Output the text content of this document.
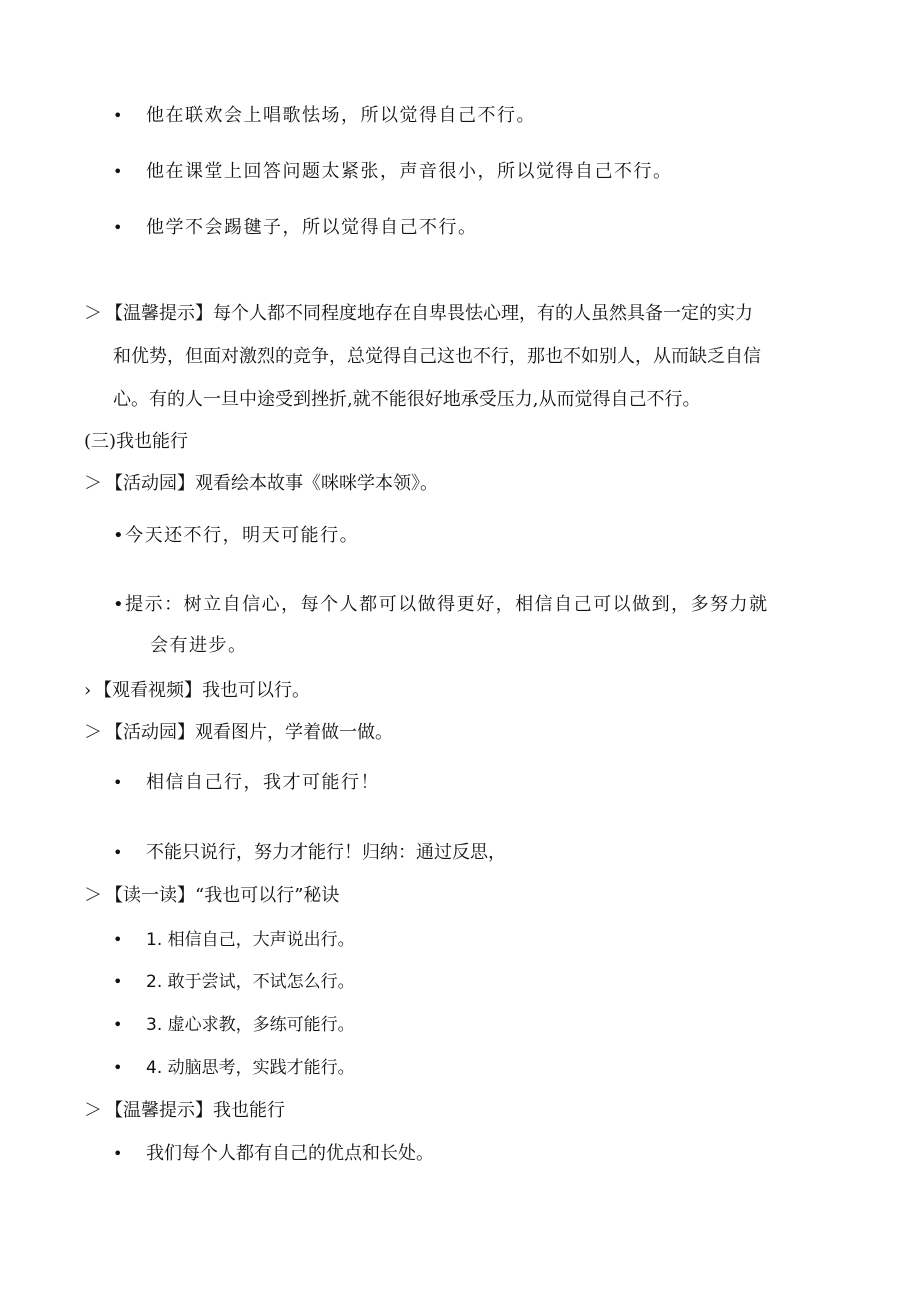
• 他在联欢会上唱歌怯场，所以觉得自己不行。
• 他在课堂上回答问题太紧张，声音很小，所以觉得自己不行。
• 他学不会踢毽子，所以觉得自己不行。
＞ 【温馨提示】每个人都不同程度地存在自卑畏怯心理，有的人虽然具备一定的实力
和优势，但面对激烈的竞争，总觉得自己这也不行，那也不如别人，从而缺乏自信
心。有的人一旦中途受到挫折,就不能很好地承受压力,从而觉得自己不行。
(三)我也能行
＞ 【活动园】观看绘本故事《咪咪学本领》。
•今天还不行，明天可能行。
•提示：树立自信心，每个人都可以做得更好，相信自己可以做到，多努力就
会有进步。
› 【观看视频】我也可以行。
＞ 【活动园】观看图片，学着做一做。
• 相信自己行，我才可能行！
• 不能只说行，努力才能行！归纳：通过反思，
＞ 【读一读】“我也可以行”秘诀
• 1. 相信自己，大声说出行。
• 2. 敢于尝试，不试怎么行。
• 3. 虚心求教，多练可能行。
• 4. 动脑思考，实践才能行。
＞ 【温馨提示】我也能行
• 我们每个人都有自己的优点和长处。
